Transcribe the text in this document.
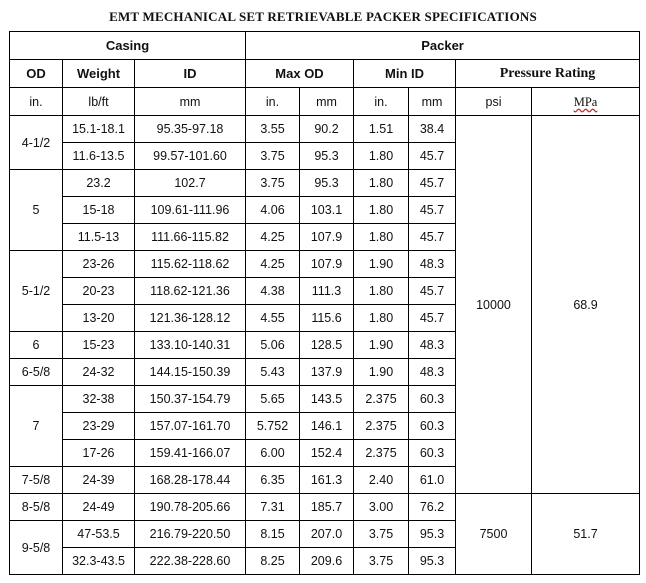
EMT MECHANICAL SET RETRIEVABLE PACKER SPECIFICATIONS
Casing			Packer					
OD	Weight	ID	Max OD		Min ID		Pressure Rating	
in.	lb/ft	mm	in.	mm	in.	mm	psi	MPa
4-1/2	15.1-18.1	95.35-97.18	3.55	90.2	1.51	38.4	10000	68.9
	11.6-13.5	99.57-101.60	3.75	95.3	1.80	45.7		
5	23.2	102.7	3.75	95.3	1.80	45.7		
	15-18	109.61-111.96	4.06	103.1	1.80	45.7		
	11.5-13	111.66-115.82	4.25	107.9	1.80	45.7		
5-1/2	23-26	115.62-118.62	4.25	107.9	1.90	48.3		
	20-23	118.62-121.36	4.38	111.3	1.80	45.7		
	13-20	121.36-128.12	4.55	115.6	1.80	45.7		
6	15-23	133.10-140.31	5.06	128.5	1.90	48.3		
6-5/8	24-32	144.15-150.39	5.43	137.9	1.90	48.3		
7	32-38	150.37-154.79	5.65	143.5	2.375	60.3		
	23-29	157.07-161.70	5.752	146.1	2.375	60.3		
	17-26	159.41-166.07	6.00	152.4	2.375	60.3		
7-5/8	24-39	168.28-178.44	6.35	161.3	2.40	61.0		
8-5/8	24-49	190.78-205.66	7.31	185.7	3.00	76.2	7500	51.7
9-5/8	47-53.5	216.79-220.50	8.15	207.0	3.75	95.3		
	32.3-43.5	222.38-228.60	8.25	209.6	3.75	95.3		
